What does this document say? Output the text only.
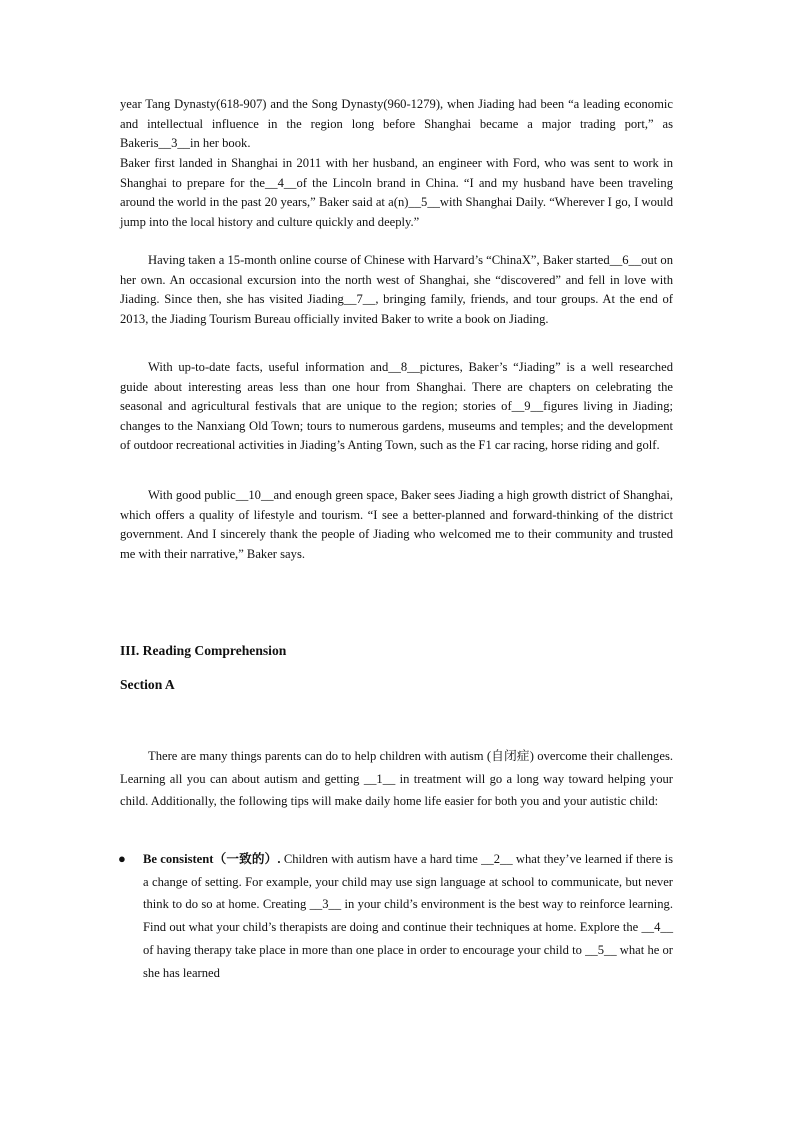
year Tang Dynasty(618-907) and the Song Dynasty(960-1279), when Jiading had been “a leading economic and intellectual influence in the region long before Shanghai became a major trading port,” as Bakeris__3__in her book.

Baker first landed in Shanghai in 2011 with her husband, an engineer with Ford, who was sent to work in Shanghai to prepare for the__4__of the Lincoln brand in China. “I and my husband have been traveling around the world in the past 20 years,” Baker said at a(n)__5__with Shanghai Daily. “Wherever I go, I would jump into the local history and culture quickly and deeply.”

Having taken a 15-month online course of Chinese with Harvard’s “ChinaX”, Baker started__6__out on her own. An occasional excursion into the north west of Shanghai, she “discovered” and fell in love with Jiading. Since then, she has visited Jiading__7__, bringing family, friends, and tour groups. At the end of 2013, the Jiading Tourism Bureau officially invited Baker to write a book on Jiading.

With up-to-date facts, useful information and__8__pictures, Baker’s “Jiading” is a well researched guide about interesting areas less than one hour from Shanghai. There are chapters on celebrating the seasonal and agricultural festivals that are unique to the region; stories of__9__figures living in Jiading; changes to the Nanxiang Old Town; tours to numerous gardens, museums and temples; and the development of outdoor recreational activities in Jiading’s Anting Town, such as the F1 car racing, horse riding and golf.

With good public__10__and enough green space, Baker sees Jiading a high growth district of Shanghai, which offers a quality of lifestyle and tourism. “I see a better-planned and forward-thinking of the district government. And I sincerely thank the people of Jiading who welcomed me to their community and trusted me with their narrative,” Baker says.

III. Reading Comprehension
Section A

There are many things parents can do to help children with autism (自闭症) overcome their challenges. Learning all you can about autism and getting __1__ in treatment will go a long way toward helping your child. Additionally, the following tips will make daily home life easier for both you and your autistic child:

● Be consistent（一致的）. Children with autism have a hard time __2__ what they’ve learned if there is a change of setting. For example, your child may use sign language at school to communicate, but never think to do so at home. Creating __3__ in your child’s environment is the best way to reinforce learning. Find out what your child’s therapists are doing and continue their techniques at home. Explore the __4__ of having therapy take place in more than one place in order to encourage your child to __5__ what he or she has learned
